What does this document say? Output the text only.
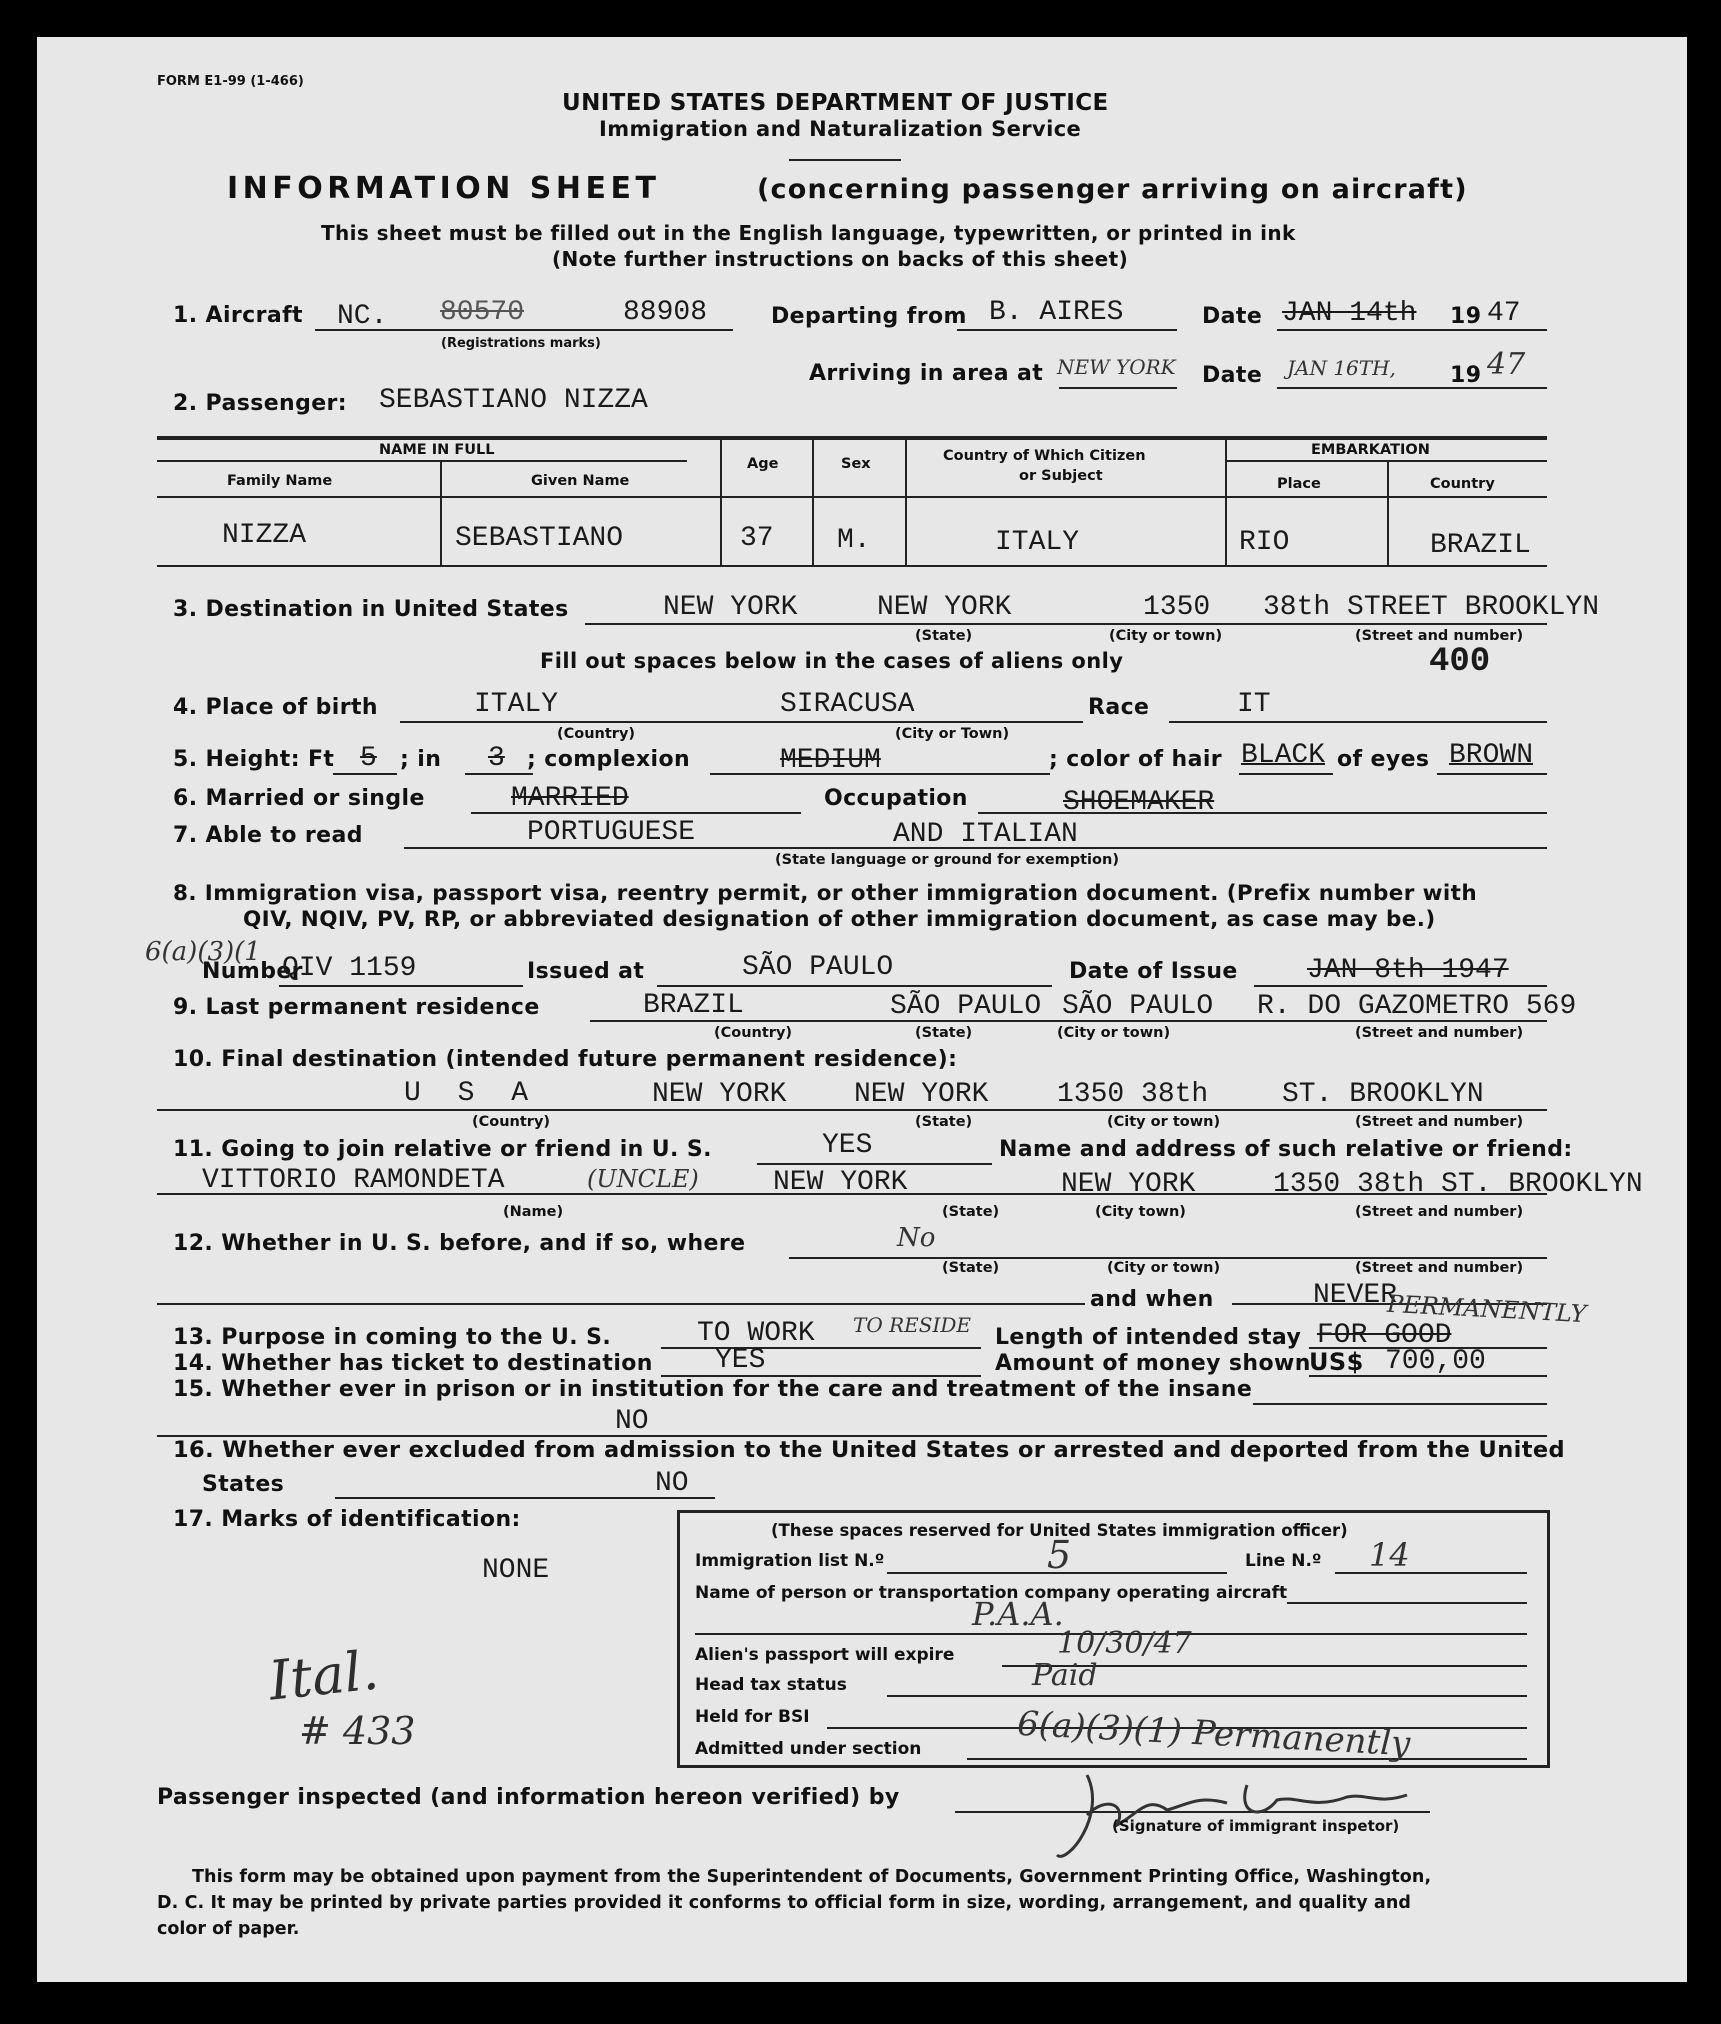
FORM E1-99 (1-466)
UNITED STATES DEPARTMENT OF JUSTICE
Immigration and Naturalization Service
INFORMATION SHEET	(concerning passenger arriving on aircraft)
This sheet must be filled out in the English language, typewritten, or printed in ink
(Note further instructions on backs of this sheet)
1. Aircraft NC. 80570	88908
(Registrations marks)
Departing from B. AIRES	Date JAN 14th 19 47
Arriving in area at NEW YORK Date JAN 16TH, 19 47
2. Passenger: SEBASTIANO NIZZA
NAME IN FULL
Family Name	Given Name
Age	Sex	Country of Which Citizen
or Subject
EMBARKATION
Place	Country
NIZZA	SEBASTIANO	37 M.	ITALY	RIO	BRAZIL
3. Destination in United States	NEW YORK	NEW YORK	1350 38th STREET BROOKLYN
(State)	(City or town)	(Street and number)
Fill out spaces below in the cases of aliens only	400
4. Place of birth	ITALY	SIRACUSA
(Country)	(City or Town)
Race	IT
5. Height: Ft 5 ; in 3 ; complexion	MEDIUM	; color of hair BLACK of eyes BROWN
6. Married or single	MARRIED	Occupation	SHOEMAKER
7. Able to read	PORTUGUESE	AND ITALIAN
(State language or ground for exemption)
8. Immigration visa, passport visa, reentry permit, or other immigration document. (Prefix number with
QIV, NQIV, PV, RP, or abbreviated designation of other immigration document, as case may be.)
6(a)(3)(1
Number
QIV 1159	Issued at	SÃO PAULO	Date of Issue JAN 8th 1947
9. Last permanent residence	BRAZIL	SÃO PAULO SÃO PAULO R. DO GAZOMETRO 569
(Country)	(State)	(City or town)	(Street and number)
10. Final destination (intended future permanent residence):
U S A	NEW YORK NEW YORK 1350 38th	ST. BROOKLYN
(Country)	(State)	(City or town)	(Street and number)
11. Going to join relative or friend in U. S.	YES	Name and address of such relative or friend:
VITTORIO RAMONDETA	(UNCLE)	NEW YORK	NEW YORK	1350 38th ST. BROOKLYN
(Name)	(State)	(City town)	(Street and number)
12. Whether in U. S. before, and if so, where	No
(State)	(City or town)	(Street and number)
and when	NEVER
13. Purpose in coming to the U. S.	TO WORK TO RESIDE Length of intended stay FOR GOOD
PERMANENTLY
14. Whether has ticket to destination YES	Amount of money shown
US$ 700,00
15. Whether ever in prison or in institution for the care and treatment of the insane
NO
16. Whether ever excluded from admission to the United States or arrested and deported from the United
States	NO
17. Marks of identification:
NONE
Ital.
# 433
(These spaces reserved for United States immigration officer)
Immigration list N.º	5	Line N.º 14
Name of person or transportation company operating aircraft
P.A.A.
Alien's passport will expire	10/30/47
Head tax status	Paid
Held for BSI
Admitted under section	6(a)(3)(1) Permanently
Passenger inspected (and information hereon verified) by
(Signature of immigrant inspetor)
This form may be obtained upon payment from the Superintendent of Documents, Government Printing Office, Washington,
D. C. It may be printed by private parties provided it conforms to official form in size, wording, arrangement, and quality and
color of paper.
